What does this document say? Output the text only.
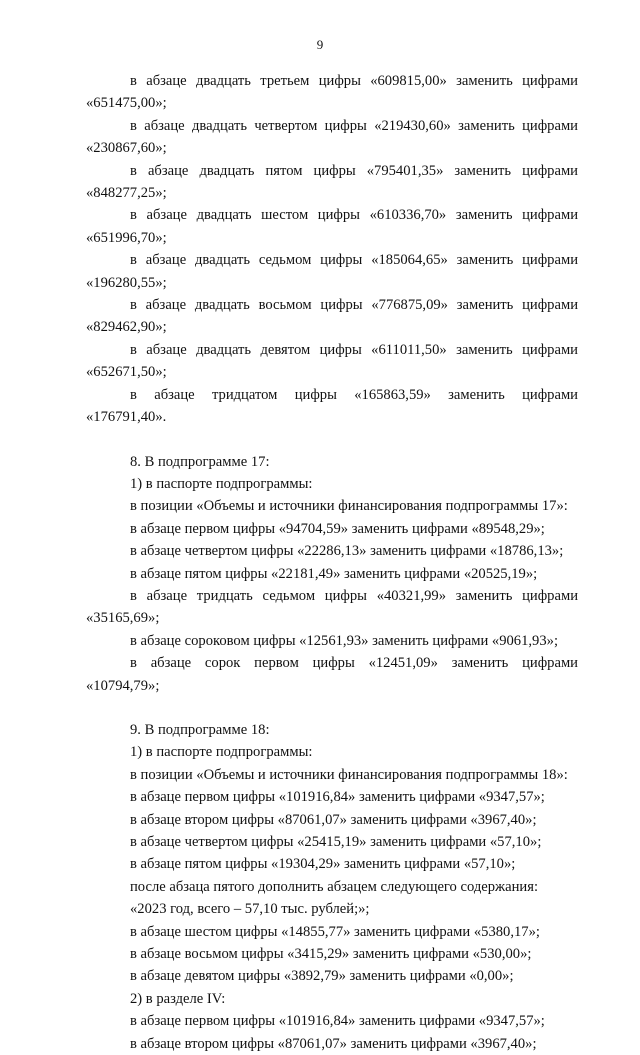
9
в абзаце двадцать третьем цифры «609815,00» заменить цифрами «651475,00»;
в абзаце двадцать четвертом цифры «219430,60» заменить цифрами «230867,60»;
в абзаце двадцать пятом цифры «795401,35» заменить цифрами «848277,25»;
в абзаце двадцать шестом цифры «610336,70» заменить цифрами «651996,70»;
в абзаце двадцать седьмом цифры «185064,65» заменить цифрами «196280,55»;
в абзаце двадцать восьмом цифры «776875,09» заменить цифрами «829462,90»;
в абзаце двадцать девятом цифры «611011,50» заменить цифрами «652671,50»;
в абзаце тридцатом цифры «165863,59» заменить цифрами «176791,40».
8. В подпрограмме 17:
1) в паспорте подпрограммы:
в позиции «Объемы и источники финансирования подпрограммы 17»:
в абзаце первом цифры «94704,59» заменить цифрами «89548,29»;
в абзаце четвертом цифры «22286,13» заменить цифрами «18786,13»;
в абзаце пятом цифры «22181,49» заменить цифрами «20525,19»;
в абзаце тридцать седьмом цифры «40321,99» заменить цифрами «35165,69»;
в абзаце сороковом цифры «12561,93» заменить цифрами «9061,93»;
в абзаце сорок первом цифры «12451,09» заменить цифрами «10794,79»;
9. В подпрограмме 18:
1) в паспорте подпрограммы:
в позиции «Объемы и источники финансирования подпрограммы 18»:
в абзаце первом цифры «101916,84» заменить цифрами «9347,57»;
в абзаце втором цифры «87061,07» заменить цифрами «3967,40»;
в абзаце четвертом цифры «25415,19» заменить цифрами «57,10»;
в абзаце пятом цифры «19304,29» заменить цифрами «57,10»;
после абзаца пятого дополнить абзацем следующего содержания:
«2023 год, всего – 57,10 тыс. рублей;»;
в абзаце шестом цифры «14855,77» заменить цифрами «5380,17»;
в абзаце восьмом цифры «3415,29» заменить цифрами «530,00»;
в абзаце девятом цифры «3892,79» заменить цифрами «0,00»;
2) в разделе IV:
в абзаце первом цифры «101916,84» заменить цифрами «9347,57»;
в абзаце втором цифры «87061,07» заменить цифрами «3967,40»;
